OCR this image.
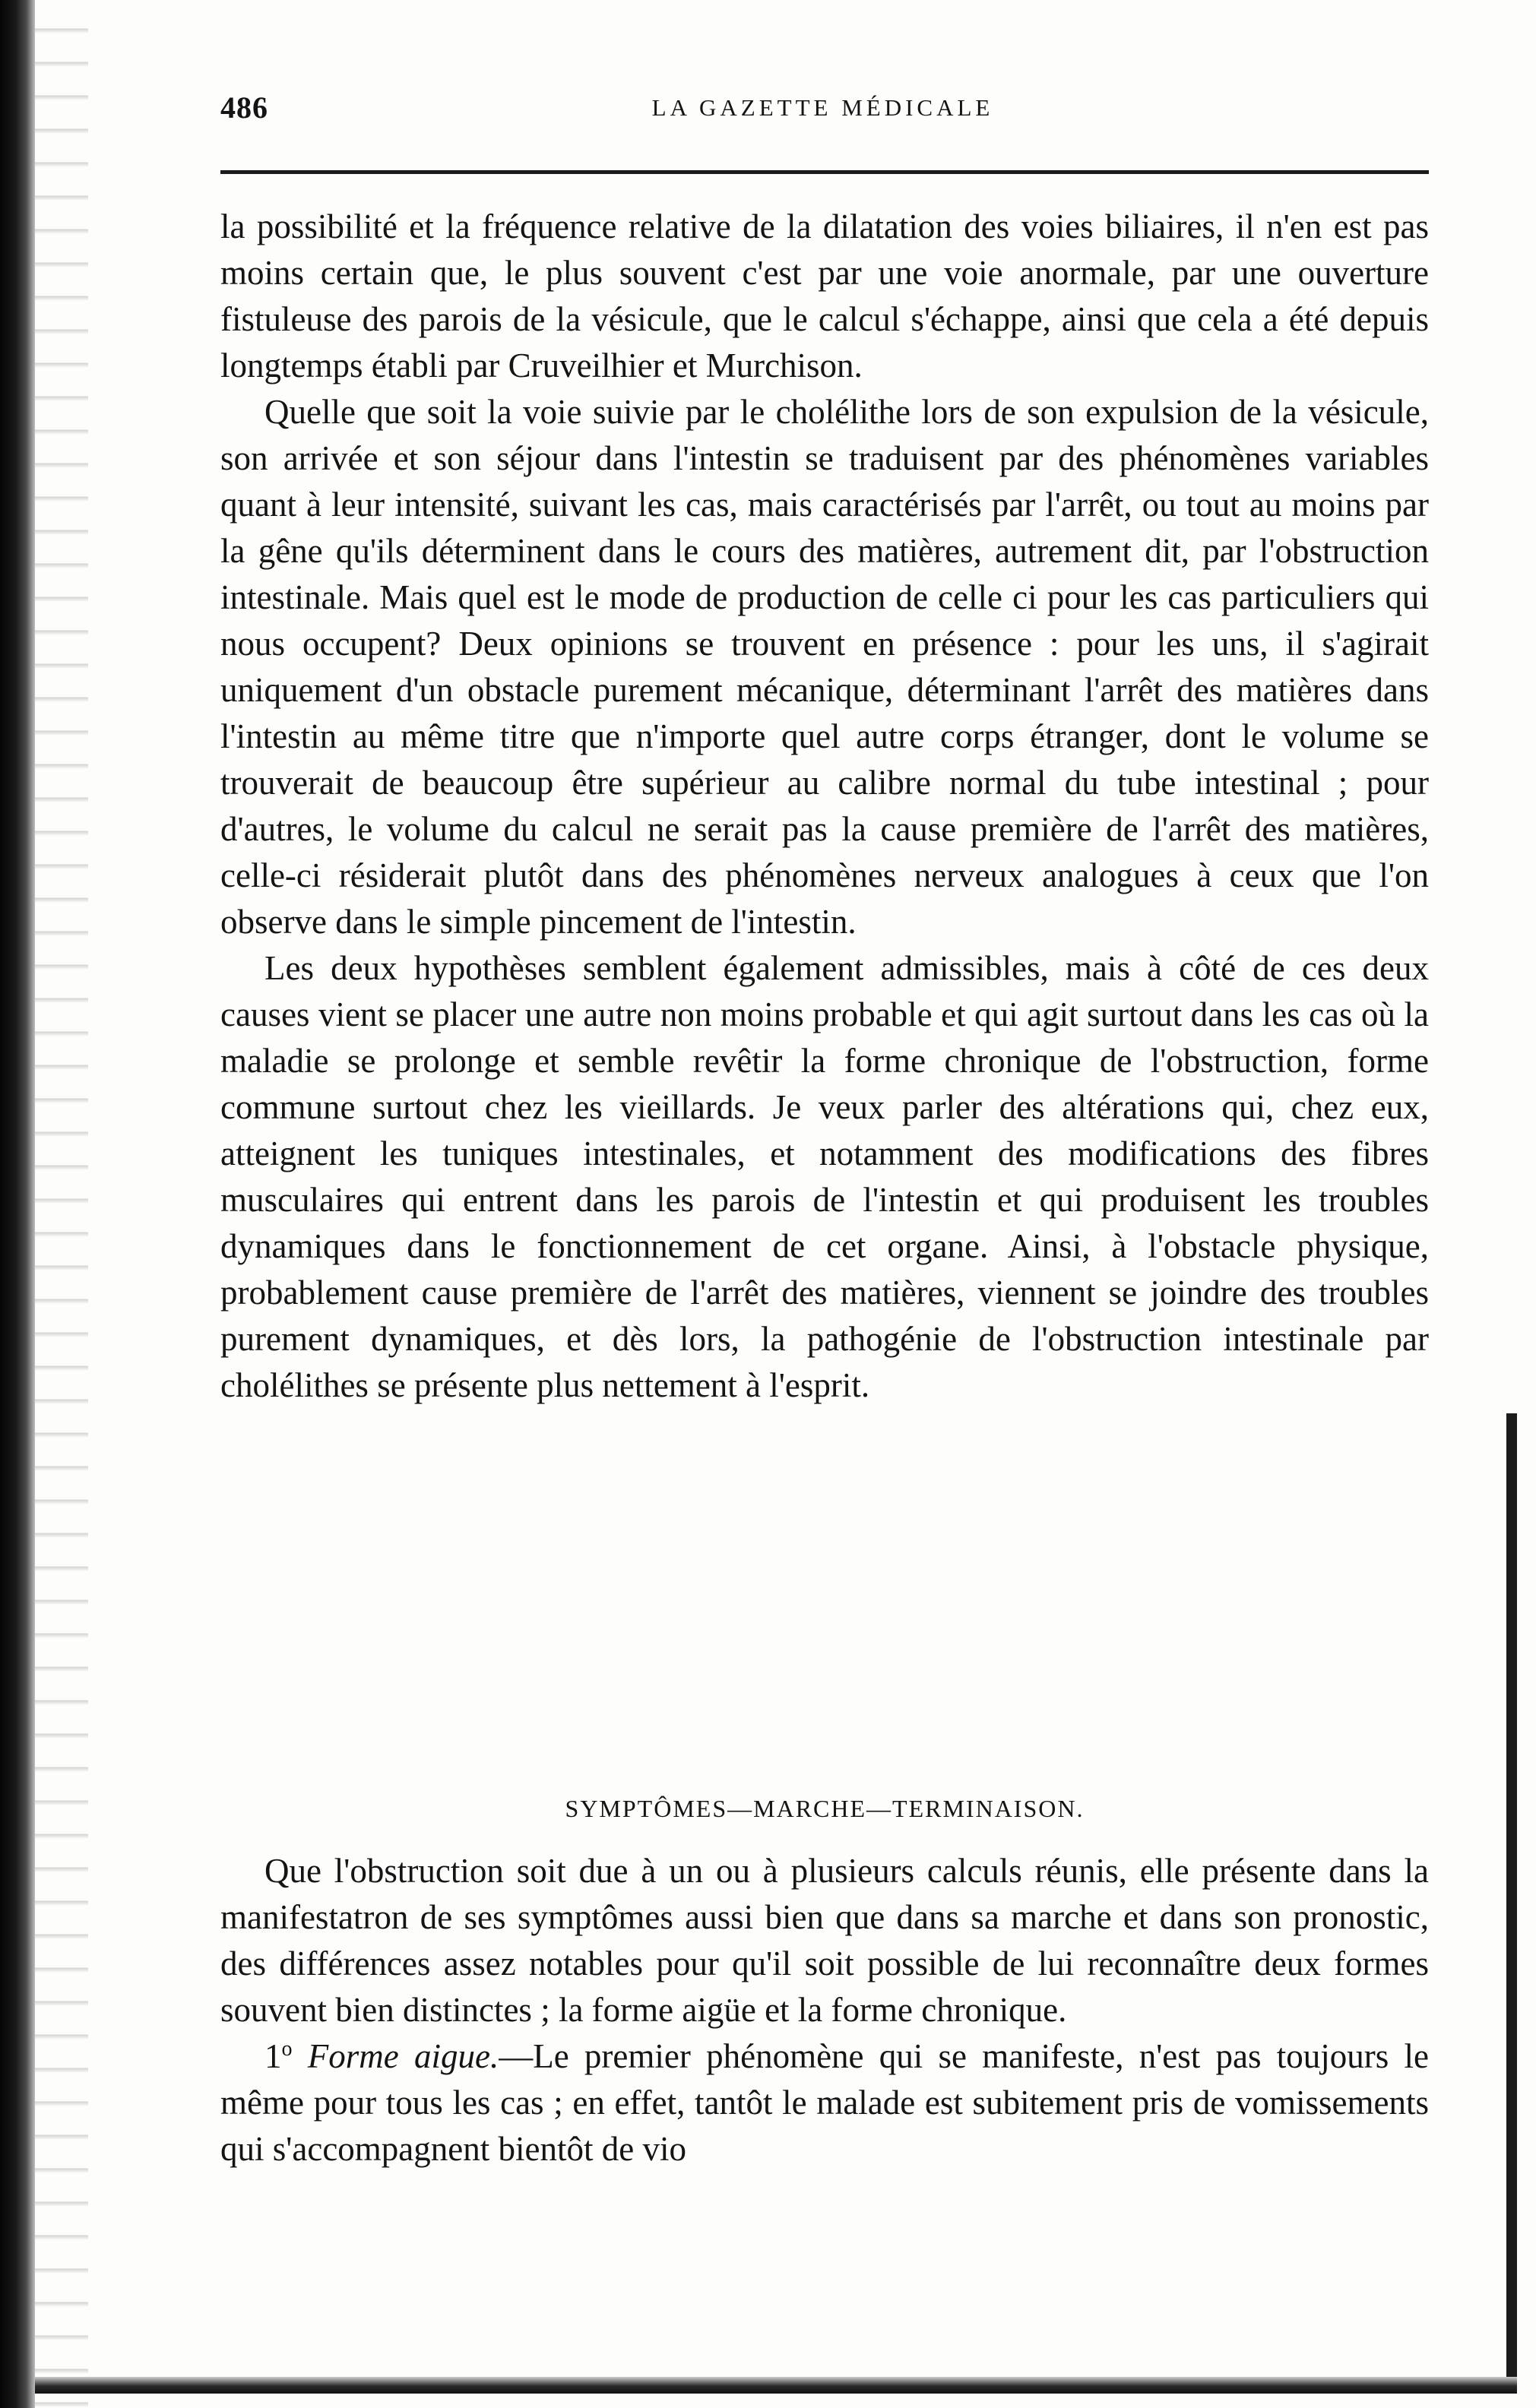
486	LA GAZETTE MÉDICALE

la possibilité et la fréquence relative de la dilatation des voies biliaires, il n'en est pas moins certain que, le plus souvent c'est par une voie anormale, par une ouverture fistuleuse des parois de la vésicule, que le calcul s'échappe, ainsi que cela a été depuis longtemps établi par Cruveilhier et Murchison.

Quelle que soit la voie suivie par le cholélithe lors de son expulsion de la vésicule, son arrivée et son séjour dans l'intestin se traduisent par des phénomènes variables quant à leur intensité, suivant les cas, mais caractérisés par l'arrêt, ou tout au moins par la gêne qu'ils déterminent dans le cours des matières, autrement dit, par l'obstruction intestinale. Mais quel est le mode de production de celle ci pour les cas particuliers qui nous occupent? Deux opinions se trouvent en présence : pour les uns, il s'agirait uniquement d'un obstacle purement mécanique, déterminant l'arrêt des matières dans l'intestin au même titre que n'importe quel autre corps étranger, dont le volume se trouverait de beaucoup être supérieur au calibre normal du tube intestinal ; pour d'autres, le volume du calcul ne serait pas la cause première de l'arrêt des matières, celle-ci résiderait plutôt dans des phénomènes nerveux analogues à ceux que l'on observe dans le simple pincement de l'intestin.

Les deux hypothèses semblent également admissibles, mais à côté de ces deux causes vient se placer une autre non moins probable et qui agit surtout dans les cas où la maladie se prolonge et semble revêtir la forme chronique de l'obstruction, forme commune surtout chez les vieillards. Je veux parler des altérations qui, chez eux, atteignent les tuniques intestinales, et notamment des modifications des fibres musculaires qui entrent dans les parois de l'intestin et qui produisent les troubles dynamiques dans le fonctionnement de cet organe. Ainsi, à l'obstacle physique, probablement cause première de l'arrêt des matières, viennent se joindre des troubles purement dynamiques, et dès lors, la pathogénie de l'obstruction intestinale par cholélithes se présente plus nettement à l'esprit.

SYMPTÔMES—MARCHE—TERMINAISON.

Que l'obstruction soit due à un ou à plusieurs calculs réunis, elle présente dans la manifestatron de ses symptômes aussi bien que dans sa marche et dans son pronostic, des différences assez notables pour qu'il soit possible de lui reconnaître deux formes souvent bien distinctes ; la forme aigüe et la forme chronique.

1$^o$ Forme aigue.—Le premier phénomène qui se manifeste, n'est pas toujours le même pour tous les cas ; en effet, tantôt le malade est subitement pris de vomissements qui s'accompagnent bientôt de vio
